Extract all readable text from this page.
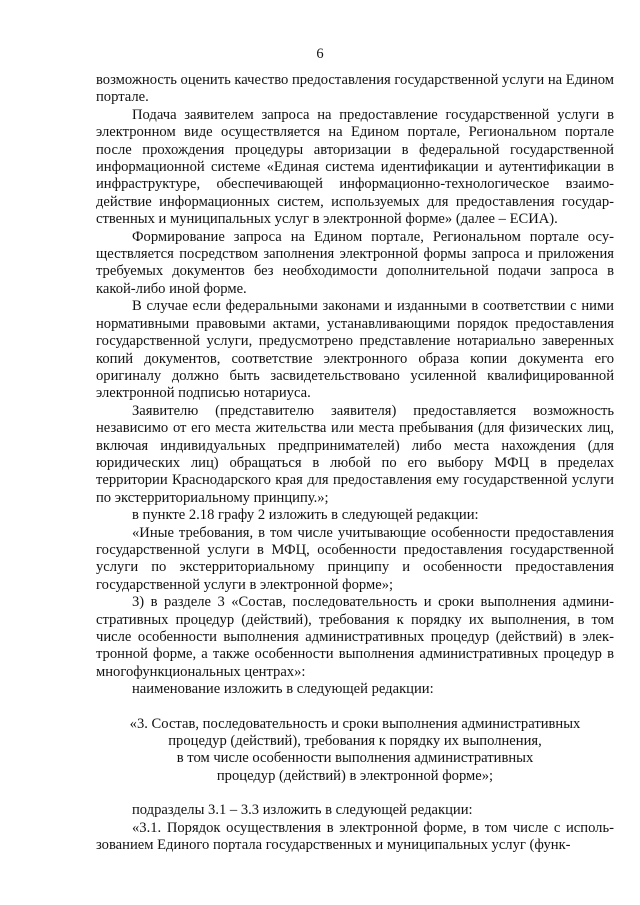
6

возможность оценить качество предоставления государственной услуги на Едином портале.

Подача заявителем запроса на предоставление государственной услуги в электронном виде осуществляется на Едином портале, Региональном портале после прохождения процедуры авторизации в федеральной государственной информационной системе «Единая система идентификации и аутентификации в инфраструктуре, обеспечивающей информационно-технологическое взаимодействие информационных систем, используемых для предоставления государственных и муниципальных услуг в электронной форме» (далее – ЕСИА).

Формирование запроса на Едином портале, Региональном портале осуществляется посредством заполнения электронной формы запроса и приложения требуемых документов без необходимости дополнительной подачи запроса в какой-либо иной форме.

В случае если федеральными законами и изданными в соответствии с ними нормативными правовыми актами, устанавливающими порядок предоставления государственной услуги, предусмотрено представление нотариально заверенных копий документов, соответствие электронного образа копии документа его оригиналу должно быть засвидетельствовано усиленной квалифицированной электронной подписью нотариуса.

Заявителю (представителю заявителя) предоставляется возможность независимо от его места жительства или места пребывания (для физических лиц, включая индивидуальных предпринимателей) либо места нахождения (для юридических лиц) обращаться в любой по его выбору МФЦ в пределах территории Краснодарского края для предоставления ему государственной услуги по экстерриториальному принципу.»;

в пункте 2.18 графу 2 изложить в следующей редакции:

«Иные требования, в том числе учитывающие особенности предоставления государственной услуги в МФЦ, особенности предоставления государственной услуги по экстерриториальному принципу и особенности предоставления государственной услуги в электронной форме»;

3) в разделе 3 «Состав, последовательность и сроки выполнения административных процедур (действий), требования к порядку их выполнения, в том числе особенности выполнения административных процедур (действий) в электронной форме, а также особенности выполнения административных процедур в многофункциональных центрах»:

наименование изложить в следующей редакции:

«3. Состав, последовательность и сроки выполнения административных
процедур (действий), требования к порядку их выполнения,
в том числе особенности выполнения административных
процедур (действий) в электронной форме»;

подразделы 3.1 – 3.3 изложить в следующей редакции:

«3.1. Порядок осуществления в электронной форме, в том числе с использованием Единого портала государственных и муниципальных услуг (функ-
